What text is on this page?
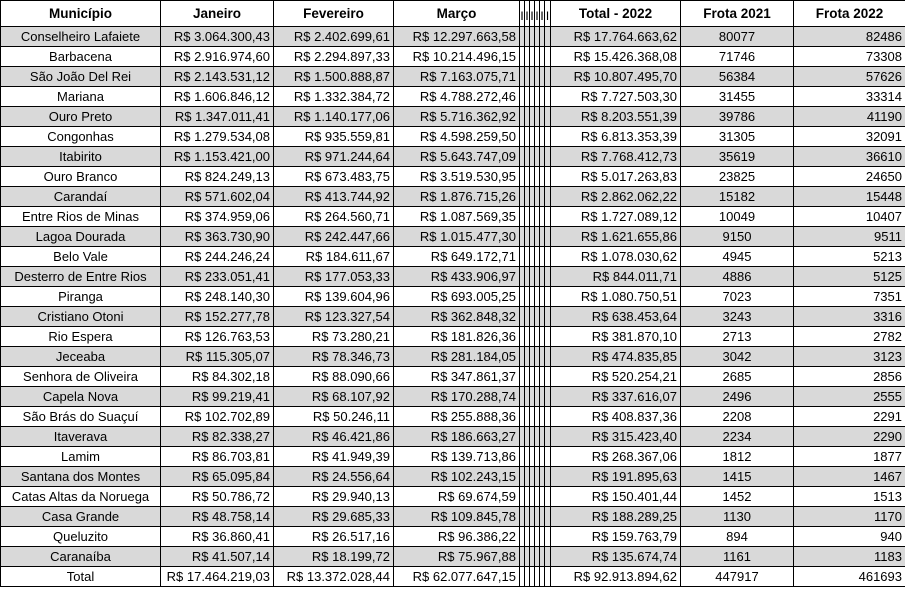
Município	Janeiro	Fevereiro	Março	|	|	|	|	|	|	Total - 2022	Frota 2021	Frota 2022
Conselheiro Lafaiete	R$ 3.064.300,43	R$ 2.402.699,61	R$ 12.297.663,58							R$ 17.764.663,62	80077	82486
Barbacena	R$ 2.916.974,60	R$ 2.294.897,33	R$ 10.214.496,15							R$ 15.426.368,08	71746	73308
São João Del Rei	R$ 2.143.531,12	R$ 1.500.888,87	R$ 7.163.075,71							R$ 10.807.495,70	56384	57626
Mariana	R$ 1.606.846,12	R$ 1.332.384,72	R$ 4.788.272,46							R$ 7.727.503,30	31455	33314
Ouro Preto	R$ 1.347.011,41	R$ 1.140.177,06	R$ 5.716.362,92							R$ 8.203.551,39	39786	41190
Congonhas	R$ 1.279.534,08	R$ 935.559,81	R$ 4.598.259,50							R$ 6.813.353,39	31305	32091
Itabirito	R$ 1.153.421,00	R$ 971.244,64	R$ 5.643.747,09							R$ 7.768.412,73	35619	36610
Ouro Branco	R$ 824.249,13	R$ 673.483,75	R$ 3.519.530,95							R$ 5.017.263,83	23825	24650
Carandaí	R$ 571.602,04	R$ 413.744,92	R$ 1.876.715,26							R$ 2.862.062,22	15182	15448
Entre Rios de Minas	R$ 374.959,06	R$ 264.560,71	R$ 1.087.569,35							R$ 1.727.089,12	10049	10407
Lagoa Dourada	R$ 363.730,90	R$ 242.447,66	R$ 1.015.477,30							R$ 1.621.655,86	9150	9511
Belo Vale	R$ 244.246,24	R$ 184.611,67	R$ 649.172,71							R$ 1.078.030,62	4945	5213
Desterro de Entre Rios	R$ 233.051,41	R$ 177.053,33	R$ 433.906,97							R$ 844.011,71	4886	5125
Piranga	R$ 248.140,30	R$ 139.604,96	R$ 693.005,25							R$ 1.080.750,51	7023	7351
Cristiano Otoni	R$ 152.277,78	R$ 123.327,54	R$ 362.848,32							R$ 638.453,64	3243	3316
Rio Espera	R$ 126.763,53	R$ 73.280,21	R$ 181.826,36							R$ 381.870,10	2713	2782
Jeceaba	R$ 115.305,07	R$ 78.346,73	R$ 281.184,05							R$ 474.835,85	3042	3123
Senhora de Oliveira	R$ 84.302,18	R$ 88.090,66	R$ 347.861,37							R$ 520.254,21	2685	2856
Capela Nova	R$ 99.219,41	R$ 68.107,92	R$ 170.288,74							R$ 337.616,07	2496	2555
São Brás do Suaçuí	R$ 102.702,89	R$ 50.246,11	R$ 255.888,36							R$ 408.837,36	2208	2291
Itaverava	R$ 82.338,27	R$ 46.421,86	R$ 186.663,27							R$ 315.423,40	2234	2290
Lamim	R$ 86.703,81	R$ 41.949,39	R$ 139.713,86							R$ 268.367,06	1812	1877
Santana dos Montes	R$ 65.095,84	R$ 24.556,64	R$ 102.243,15							R$ 191.895,63	1415	1467
Catas Altas da Noruega	R$ 50.786,72	R$ 29.940,13	R$ 69.674,59							R$ 150.401,44	1452	1513
Casa Grande	R$ 48.758,14	R$ 29.685,33	R$ 109.845,78							R$ 188.289,25	1130	1170
Queluzito	R$ 36.860,41	R$ 26.517,16	R$ 96.386,22							R$ 159.763,79	894	940
Caranaíba	R$ 41.507,14	R$ 18.199,72	R$ 75.967,88							R$ 135.674,74	1161	1183
Total	R$ 17.464.219,03	R$ 13.372.028,44	R$ 62.077.647,15							R$ 92.913.894,62	447917	461693
